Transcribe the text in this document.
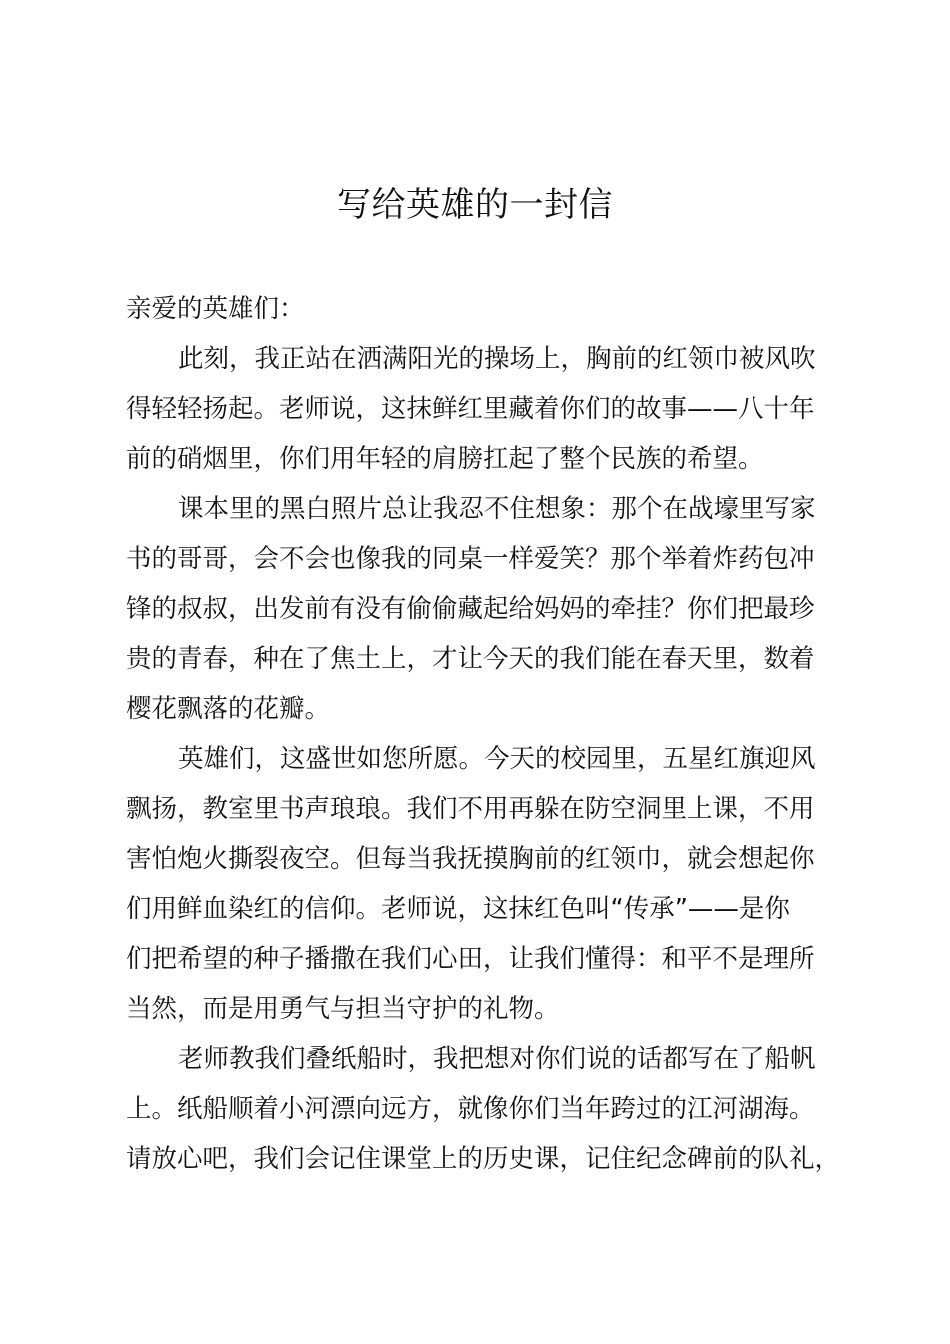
写给英雄的一封信
亲爱的英雄们：
此刻，我正站在洒满阳光的操场上，胸前的红领巾被风吹
得轻轻扬起。老师说，这抹鲜红里藏着你们的故事——八十年
前的硝烟里，你们用年轻的肩膀扛起了整个民族的希望。
课本里的黑白照片总让我忍不住想象：那个在战壕里写家
书的哥哥，会不会也像我的同桌一样爱笑？那个举着炸药包冲
锋的叔叔，出发前有没有偷偷藏起给妈妈的牵挂？你们把最珍
贵的青春，种在了焦土上，才让今天的我们能在春天里，数着
樱花飘落的花瓣。
英雄们，这盛世如您所愿。今天的校园里，五星红旗迎风
飘扬，教室里书声琅琅。我们不用再躲在防空洞里上课，不用
害怕炮火撕裂夜空。但每当我抚摸胸前的红领巾，就会想起你
们用鲜血染红的信仰。老师说，这抹红色叫“传承”——是你
们把希望的种子播撒在我们心田，让我们懂得：和平不是理所
当然，而是用勇气与担当守护的礼物。
老师教我们叠纸船时，我把想对你们说的话都写在了船帆
上。纸船顺着小河漂向远方，就像你们当年跨过的江河湖海。
请放心吧，我们会记住课堂上的历史课，记住纪念碑前的队礼，
